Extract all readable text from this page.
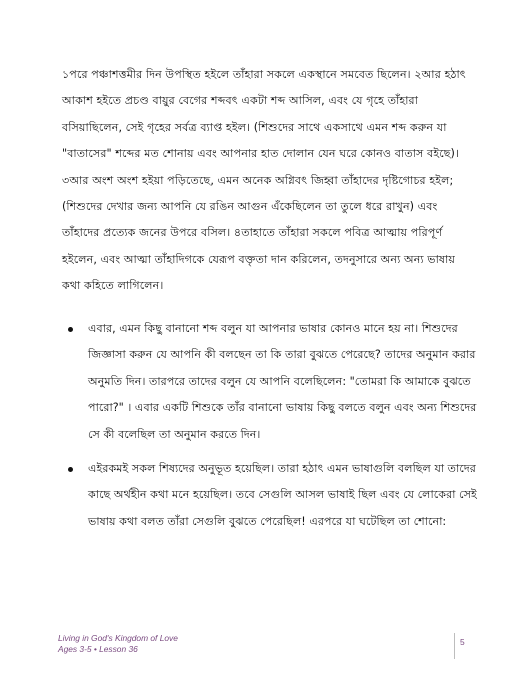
১পরে পঞ্চাশত্তমীর দিন উপস্থিত হইলে তাঁহারা সকলে একস্থানে সমবেত ছিলেন। ২আর হঠাৎ আকাশ হইতে প্রচণ্ড বায়ুর বেগের শব্দবৎ একটা শব্দ আসিল, এবং যে গৃহে তাঁহারা বসিয়াছিলেন, সেই গৃহের সর্বত্র ব্যাপ্ত হইল। (শিশুদের সাথে একসাথে এমন শব্দ করুন যা "বাতাসের" শব্দের মত শোনায় এবং আপনার হাত দোলান যেন ঘরে কোনও বাতাস বইছে)। ৩আর অংশ অংশ হইয়া পড়িতেছে, এমন অনেক অগ্নিবৎ জিহ্বা তাঁহাদের দৃষ্টিগোচর হইল; (শিশুদের দেখার জন্য আপনি যে রঙিন আগুন এঁকেছিলেন তা তুলে ধরে রাখুন) এবং তাঁহাদের প্রত্যেক জনের উপরে বসিল। ৪তাহাতে তাঁহারা সকলে পবিত্র আত্মায় পরিপূর্ণ হইলেন, এবং আত্মা তাঁহাদিগকে যেরূপ বক্তৃতা দান করিলেন, তদনুসারে অন্য অন্য ভাষায় কথা কহিতে লাগিলেন।

এবার, এমন কিছু বানানো শব্দ বলুন যা আপনার ভাষার কোনও মানে হয় না। শিশুদের জিজ্ঞাসা করুন যে আপনি কী বলছেন তা কি তারা বুঝতে পেরেছে? তাদের অনুমান করার অনুমতি দিন। তারপরে তাদের বলুন যে আপনি বলেছিলেন: "তোমরা কি আমাকে বুঝতে পারো?" । এবার একটি শিশুকে তাঁর বানানো ভাষায় কিছু বলতে বলুন এবং অন্য শিশুদের সে কী বলেছিল তা অনুমান করতে দিন।
এইরকমই সকল শিষ্যদের অনুভূত হয়েছিল। তারা হঠাৎ এমন ভাষাগুলি বলছিল যা তাদের কাছে অর্থহীন কথা মনে হয়েছিল। তবে সেগুলি আসল ভাষাই ছিল এবং যে লোকেরা সেই ভাষায় কথা বলত তাঁরা সেগুলি বুঝতে পেরেছিল! এরপরে যা ঘটেছিল তা শোনো:
Living in God's Kingdom of Love
Ages 3-5 • Lesson 36
5
